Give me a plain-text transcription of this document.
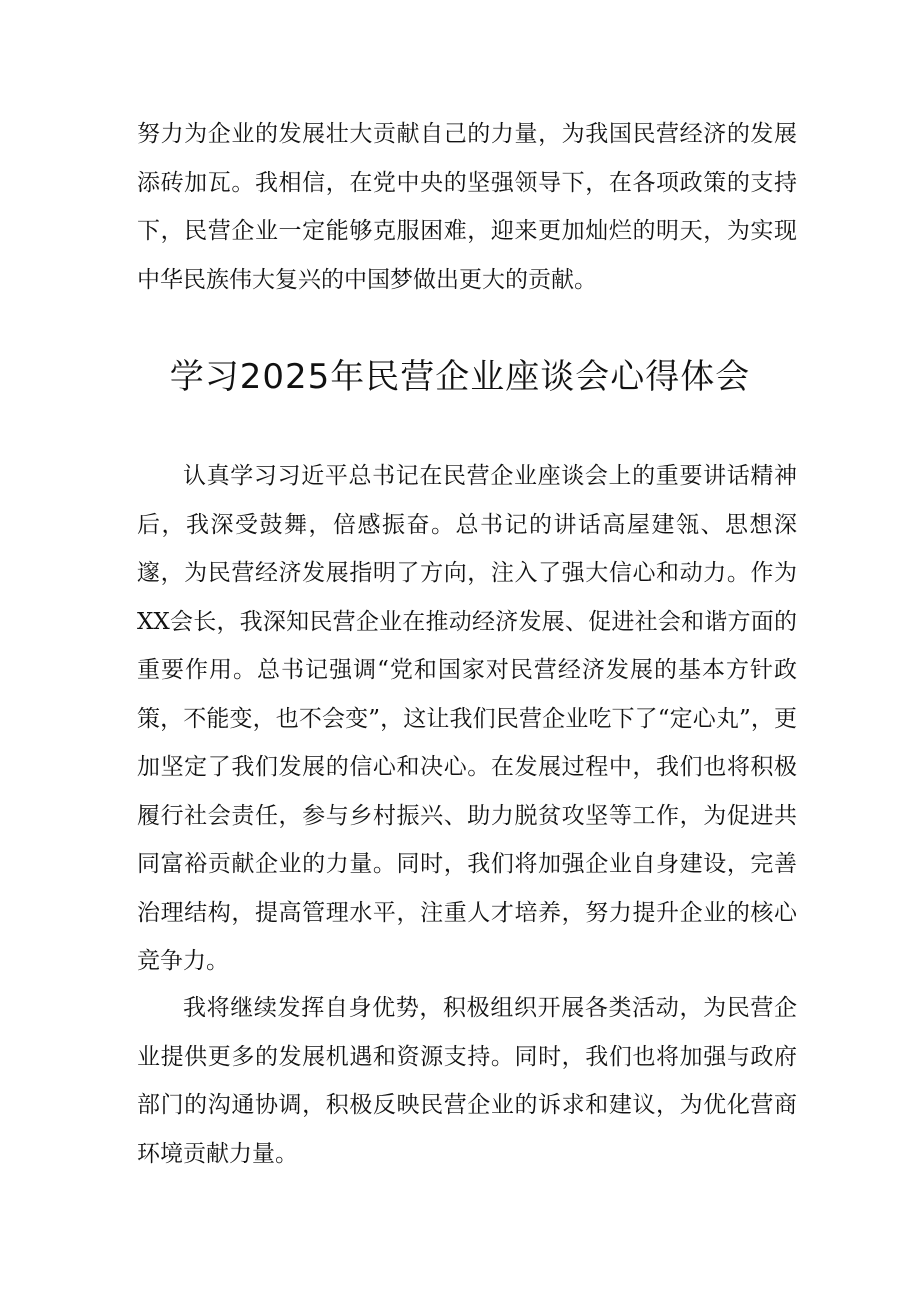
努力为企业的发展壮大贡献自己的力量，为我国民营经济的发展添砖加瓦。我相信，在党中央的坚强领导下，在各项政策的支持下，民营企业一定能够克服困难，迎来更加灿烂的明天，为实现中华民族伟大复兴的中国梦做出更大的贡献。
学习2025年民营企业座谈会心得体会
认真学习习近平总书记在民营企业座谈会上的重要讲话精神后，我深受鼓舞，倍感振奋。总书记的讲话高屋建瓴、思想深邃，为民营经济发展指明了方向，注入了强大信心和动力。作为XX会长，我深知民营企业在推动经济发展、促进社会和谐方面的重要作用。总书记强调“党和国家对民营经济发展的基本方针政策，不能变，也不会变”，这让我们民营企业吃下了“定心丸”，更加坚定了我们发展的信心和决心。在发展过程中，我们也将积极履行社会责任，参与乡村振兴、助力脱贫攻坚等工作，为促进共同富裕贡献企业的力量。同时，我们将加强企业自身建设，完善治理结构，提高管理水平，注重人才培养，努力提升企业的核心竞争力。
我将继续发挥自身优势，积极组织开展各类活动，为民营企业提供更多的发展机遇和资源支持。同时，我们也将加强与政府部门的沟通协调，积极反映民营企业的诉求和建议，为优化营商环境贡献力量。
